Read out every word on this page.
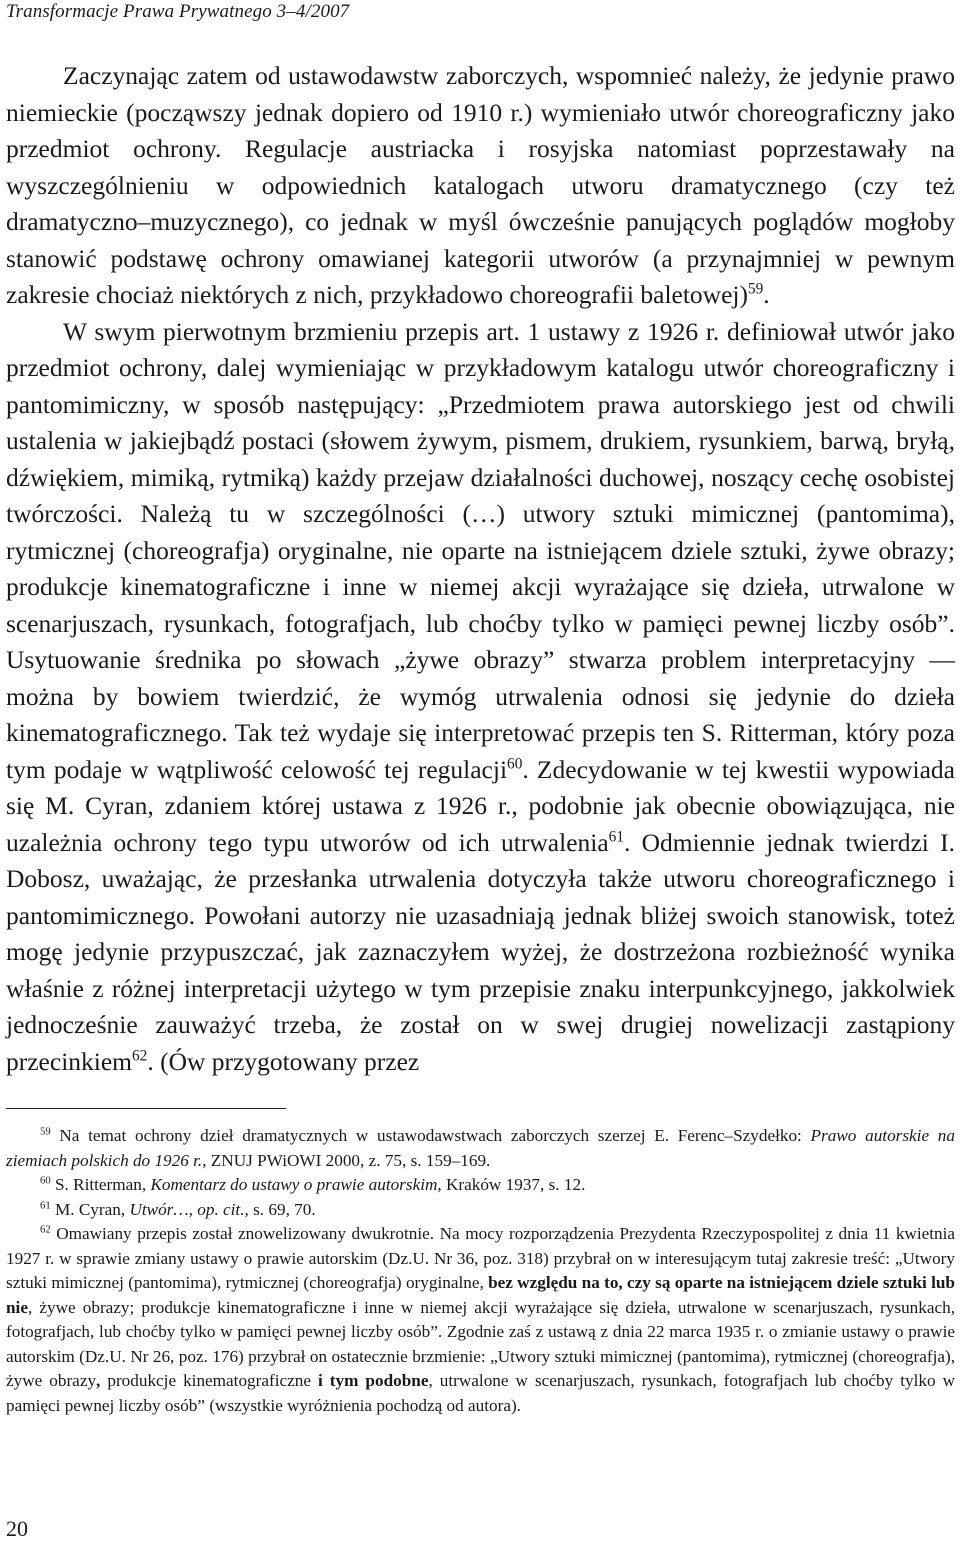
Transformacje Prawa Prywatnego 3–4/2007

Zaczynając zatem od ustawodawstw zaborczych, wspomnieć należy, że jedynie prawo niemieckie (począwszy jednak dopiero od 1910 r.) wymieniało utwór choreograficzny jako przedmiot ochrony. Regulacje austriacka i rosyjska natomiast poprzestawały na wyszczególnieniu w odpowiednich katalogach utworu dramatycznego (czy też dramatyczno–muzycznego), co jednak w myśl ówcześnie panujących poglądów mogłoby stanowić podstawę ochrony omawianej kategorii utworów (a przynajmniej w pewnym zakresie chociaż niektórych z nich, przykładowo choreografii baletowej)$^{59}$.

W swym pierwotnym brzmieniu przepis art. 1 ustawy z 1926 r. definiował utwór jako przedmiot ochrony, dalej wymieniając w przykładowym katalogu utwór choreograficzny i pantomimiczny, w sposób następujący: „Przedmiotem prawa autorskiego jest od chwili ustalenia w jakiejbądź postaci (słowem żywym, pismem, drukiem, rysunkiem, barwą, bryłą, dźwiękiem, mimiką, rytmiką) każdy przejaw działalności duchowej, noszący cechę osobistej twórczości. Należą tu w szczególności (…) utwory sztuki mimicznej (pantomima), rytmicznej (choreografja) oryginalne, nie oparte na istniejącem dziele sztuki, żywe obrazy; produkcje kinematograficzne i inne w niemej akcji wyrażające się dzieła, utrwalone w scenarjuszach, rysunkach, fotografjach, lub choćby tylko w pamięci pewnej liczby osób”. Usytuowanie średnika po słowach „żywe obrazy” stwarza problem interpretacyjny — można by bowiem twierdzić, że wymóg utrwalenia odnosi się jedynie do dzieła kinematograficznego. Tak też wydaje się interpretować przepis ten S. Ritterman, który poza tym podaje w wątpliwość celowość tej regulacji$^{60}$. Zdecydowanie w tej kwestii wypowiada się M. Cyran, zdaniem której ustawa z 1926 r., podobnie jak obecnie obowiązująca, nie uzależnia ochrony tego typu utworów od ich utrwalenia$^{61}$. Odmiennie jednak twierdzi I. Dobosz, uważając, że przesłanka utrwalenia dotyczyła także utworu choreograficznego i pantomimicznego. Powołani autorzy nie uzasadniają jednak bliżej swoich stanowisk, toteż mogę jedynie przypuszczać, jak zaznaczyłem wyżej, że dostrzeżona rozbieżność wynika właśnie z różnej interpretacji użytego w tym przepisie znaku interpunkcyjnego, jakkolwiek jednocześnie zauważyć trzeba, że został on w swej drugiej nowelizacji zastąpiony przecinkiem$^{62}$. (Ów przygotowany przez

$^{59}$ Na temat ochrony dzieł dramatycznych w ustawodawstwach zaborczych szerzej E. Ferenc–Szydełko: Prawo autorskie na ziemiach polskich do 1926 r., ZNUJ PWiOWI 2000, z. 75, s. 159–169.

$^{60}$ S. Ritterman, Komentarz do ustawy o prawie autorskim, Kraków 1937, s. 12.

$^{61}$ M. Cyran, Utwór…, op. cit., s. 69, 70.

$^{62}$ Omawiany przepis został znowelizowany dwukrotnie. Na mocy rozporządzenia Prezydenta Rzeczypospolitej z dnia 11 kwietnia 1927 r. w sprawie zmiany ustawy o prawie autorskim (Dz.U. Nr 36, poz. 318) przybrał on w interesującym tutaj zakresie treść: „Utwory sztuki mimicznej (pantomima), rytmicznej (choreografja) oryginalne, bez względu na to, czy są oparte na istniejącem dziele sztuki lub nie, żywe obrazy; produkcje kinematograficzne i inne w niemej akcji wyrażające się dzieła, utrwalone w scenarjuszach, rysunkach, fotografjach, lub choćby tylko w pamięci pewnej liczby osób”. Zgodnie zaś z ustawą z dnia 22 marca 1935 r. o zmianie ustawy o prawie autorskim (Dz.U. Nr 26, poz. 176) przybrał on ostatecznie brzmienie: „Utwory sztuki mimicznej (pantomima), rytmicznej (choreografja), żywe obrazy, produkcje kinematograficzne i tym podobne, utrwalone w scenarjuszach, rysunkach, fotografjach lub choćby tylko w pamięci pewnej liczby osób” (wszystkie wyróżnienia pochodzą od autora).

20
